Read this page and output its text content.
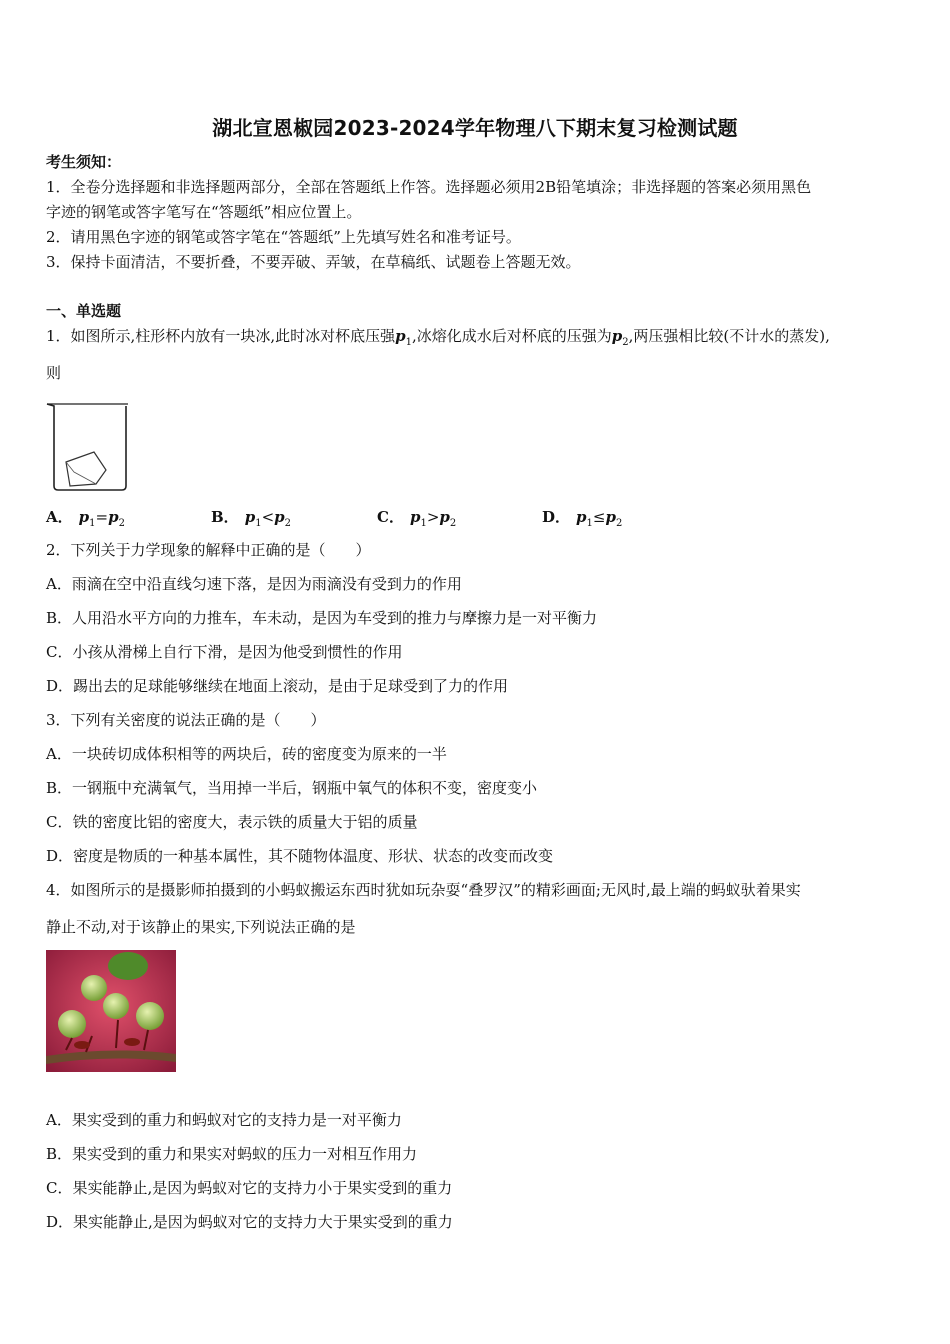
湖北宣恩椒园2023-2024学年物理八下期末复习检测试题
考生须知：
1．全卷分选择题和非选择题两部分，全部在答题纸上作答。选择题必须用2B铅笔填涂；非选择题的答案必须用黑色
字迹的钢笔或答字笔写在“答题纸”相应位置上。
2．请用黑色字迹的钢笔或答字笔在“答题纸”上先填写姓名和准考证号。
3．保持卡面清洁，不要折叠，不要弄破、弄皱，在草稿纸、试题卷上答题无效。
一、单选题
1．如图所示,柱形杯内放有一块冰,此时冰对杯底压强$p_1$,冰熔化成水后对杯底的压强为$p_2$,两压强相比较(不计水的蒸发),
则
A． $p_1=p_2$	B． $p_1<p_2$	C． $p_1>p_2$	D． $p_1\le p_2$
2．下列关于力学现象的解释中正确的是（　　）
A．雨滴在空中沿直线匀速下落，是因为雨滴没有受到力的作用
B．人用沿水平方向的力推车，车未动，是因为车受到的推力与摩擦力是一对平衡力
C．小孩从滑梯上自行下滑，是因为他受到惯性的作用
D．踢出去的足球能够继续在地面上滚动，是由于足球受到了力的作用
3．下列有关密度的说法正确的是（　　）
A．一块砖切成体积相等的两块后，砖的密度变为原来的一半
B．一钢瓶中充满氧气，当用掉一半后，钢瓶中氧气的体积不变，密度变小
C．铁的密度比铝的密度大，表示铁的质量大于铝的质量
D．密度是物质的一种基本属性，其不随物体温度、形状、状态的改变而改变
4．如图所示的是摄影师拍摄到的小蚂蚁搬运东西时犹如玩杂耍“叠罗汉”的精彩画面;无风时,最上端的蚂蚁驮着果实
静止不动,对于该静止的果实,下列说法正确的是
A．果实受到的重力和蚂蚁对它的支持力是一对平衡力
B．果实受到的重力和果实对蚂蚁的压力一对相互作用力
C．果实能静止,是因为蚂蚁对它的支持力小于果实受到的重力
D．果实能静止,是因为蚂蚁对它的支持力大于果实受到的重力
